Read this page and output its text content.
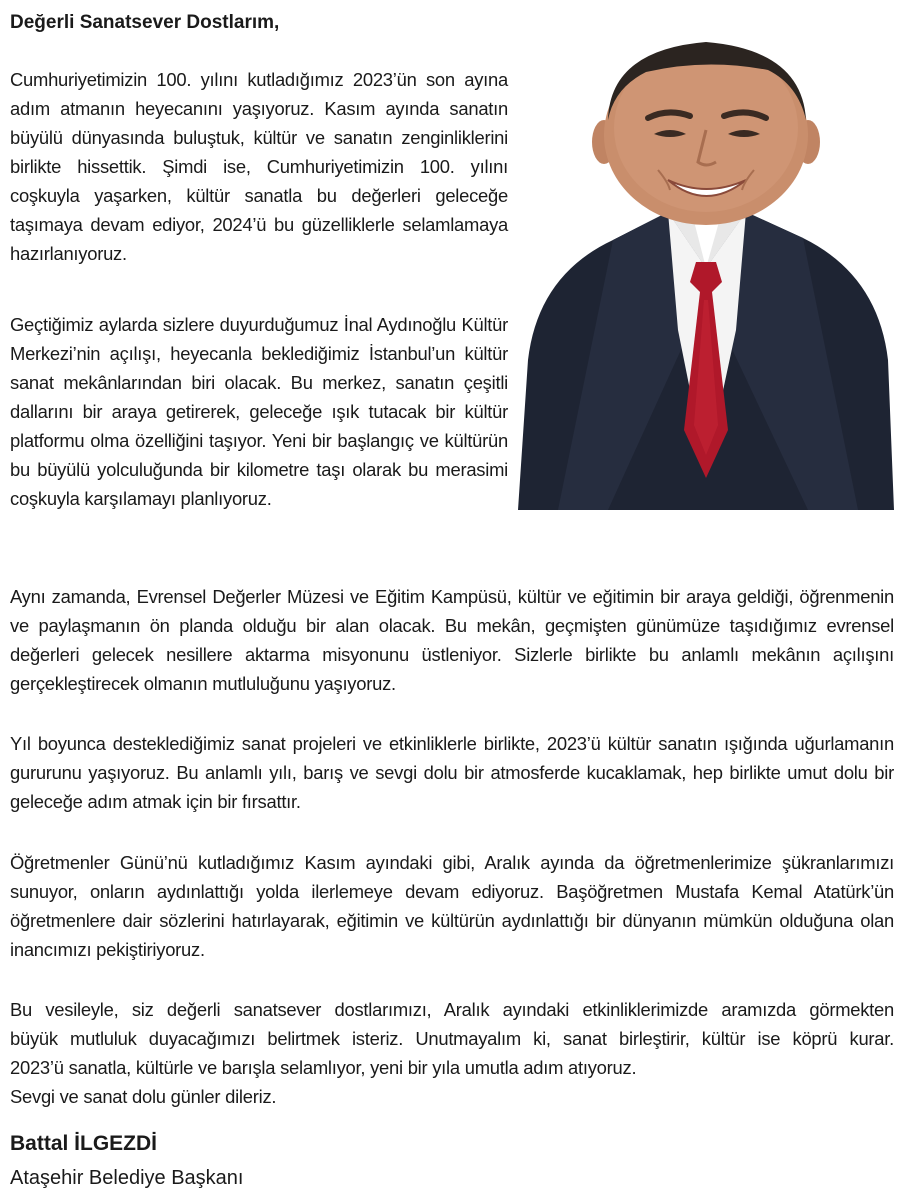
Değerli Sanatsever Dostlarım,

Cumhuriyetimizin 100. yılını kutladığımız 2023’ün son ayına adım atmanın heyecanını yaşıyoruz. Kasım ayında sanatın büyülü dünyasında buluştuk, kültür ve sanatın zenginliklerini birlikte hissettik. Şimdi ise, Cumhuriyetimizin 100. yılını coşkuyla yaşarken, kültür sanatla bu değerleri geleceğe taşımaya devam ediyor, 2024’ü bu güzelliklerle selamlamaya hazırlanıyoruz.

Geçtiğimiz aylarda sizlere duyurduğumuz İnal Aydınoğlu Kültür Merkezi’nin açılışı, heyecanla beklediğimiz İstanbul’un kültür sanat mekânlarından biri olacak. Bu merkez, sanatın çeşitli dallarını bir araya getirerek, geleceğe ışık tutacak bir kültür platformu olma özelliğini taşıyor. Yeni bir başlangıç ve kültürün bu büyülü yolculuğunda bir kilometre taşı olarak bu merasimi coşkuyla karşılamayı planlıyoruz.

Aynı zamanda, Evrensel Değerler Müzesi ve Eğitim Kampüsü, kültür ve eğitimin bir araya geldiği, öğrenmenin ve paylaşmanın ön planda olduğu bir alan olacak. Bu mekân, geçmişten günümüze taşıdığımız evrensel değerleri gelecek nesillere aktarma misyonunu üstleniyor. Sizlerle birlikte bu anlamlı mekânın açılışını gerçekleştirecek olmanın mutluluğunu yaşıyoruz.

Yıl boyunca desteklediğimiz sanat projeleri ve etkinliklerle birlikte, 2023’ü kültür sanatın ışığında uğurlamanın gururunu yaşıyoruz. Bu anlamlı yılı, barış ve sevgi dolu bir atmosferde kucaklamak, hep birlikte umut dolu bir geleceğe adım atmak için bir fırsattır.

Öğretmenler Günü’nü kutladığımız Kasım ayındaki gibi, Aralık ayında da öğretmenlerimize şükranlarımızı sunuyor, onların aydınlattığı yolda ilerlemeye devam ediyoruz. Başöğretmen Mustafa Kemal Atatürk’ün öğretmenlere dair sözlerini hatırlayarak, eğitimin ve kültürün aydınlattığı bir dünyanın mümkün olduğuna olan inancımızı pekiştiriyoruz.

Bu vesileyle, siz değerli sanatsever dostlarımızı, Aralık ayındaki etkinliklerimizde aramızda görmekten
büyük mutluluk duyacağımızı belirtmek isteriz. Unutmayalım ki, sanat birleştirir, kültür ise köprü kurar.
2023’ü sanatla, kültürle ve barışla selamlıyor, yeni bir yıla umutla adım atıyoruz.
Sevgi ve sanat dolu günler dileriz.
Battal İLGEZDİ
Ataşehir Belediye Başkanı
